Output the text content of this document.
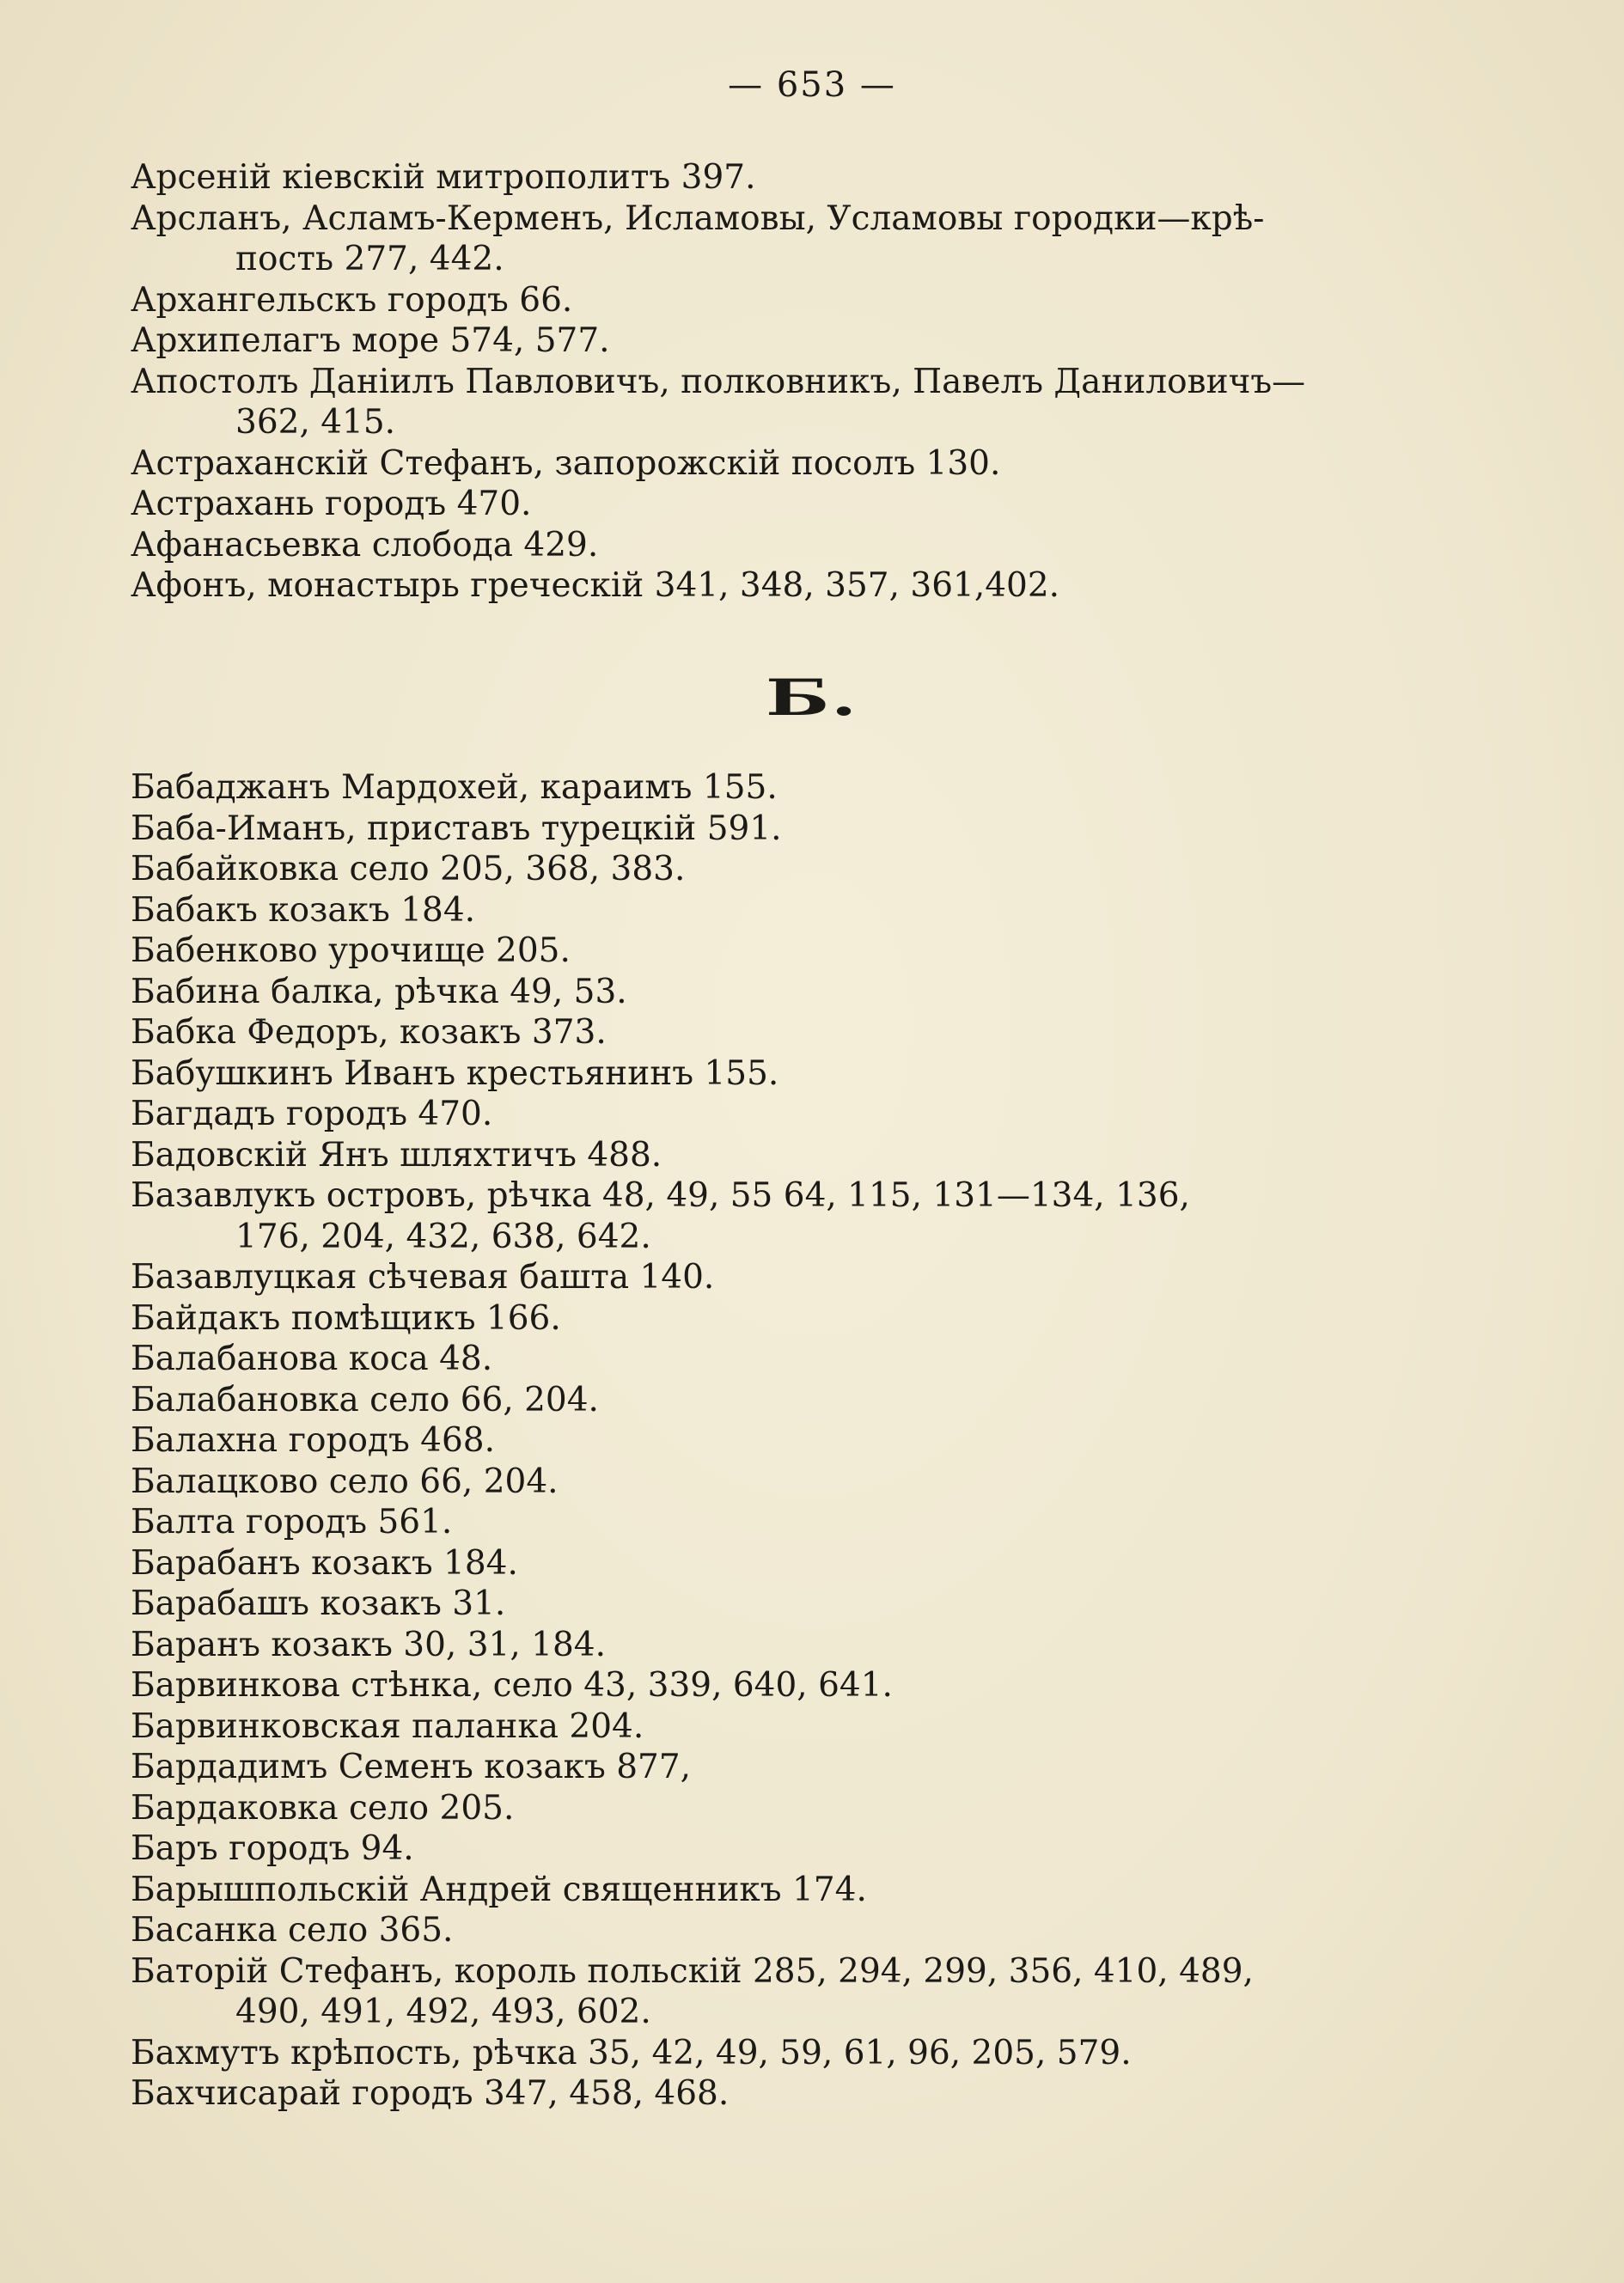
— 653 —

Арсеній кіевскій митрополитъ 397.

Арсланъ, Асламъ-Керменъ, Исламовы, Усламовы городки—крѣ-
пость 277, 442.

Архангельскъ городъ 66.

Архипелагъ море 574, 577.

Апостолъ Даніилъ Павловичъ, полковникъ, Павелъ Даниловичъ—
362, 415.

Астраханскій Стефанъ, запорожскій посолъ 130.

Астрахань городъ 470.

Афанасьевка слобода 429.

Афонъ, монастырь греческій 341, 348, 357, 361,402.

Б.

Бабаджанъ Мардохей, караимъ 155.

Баба-Иманъ, приставъ турецкій 591.

Бабайковка село 205, 368, 383.

Бабакъ козакъ 184.

Бабенково урочище 205.

Бабина балка, рѣчка 49, 53.

Бабка Федоръ, козакъ 373.

Бабушкинъ Иванъ крестьянинъ 155.

Багдадъ городъ 470.

Бадовскій Янъ шляхтичъ 488.

Базавлукъ островъ, рѣчка 48, 49, 55 64, 115, 131—134, 136,
176, 204, 432, 638, 642.

Базавлуцкая сѣчевая башта 140.

Байдакъ помѣщикъ 166.

Балабанова коса 48.

Балабановка село 66, 204.

Балахна городъ 468.

Балацково село 66, 204.

Балта городъ 561.

Барабанъ козакъ 184.

Барабашъ козакъ 31.

Баранъ козакъ 30, 31, 184.

Барвинкова стѣнка, село 43, 339, 640, 641.

Барвинковская паланка 204.

Бардадимъ Семенъ козакъ 877,

Бардаковка село 205.

Баръ городъ 94.

Барышпольскій Андрей священникъ 174.

Басанка село 365.

Баторій Стефанъ, король польскій 285, 294, 299, 356, 410, 489,
490, 491, 492, 493, 602.

Бахмутъ крѣпость, рѣчка 35, 42, 49, 59, 61, 96, 205, 579.

Бахчисарай городъ 347, 458, 468.
